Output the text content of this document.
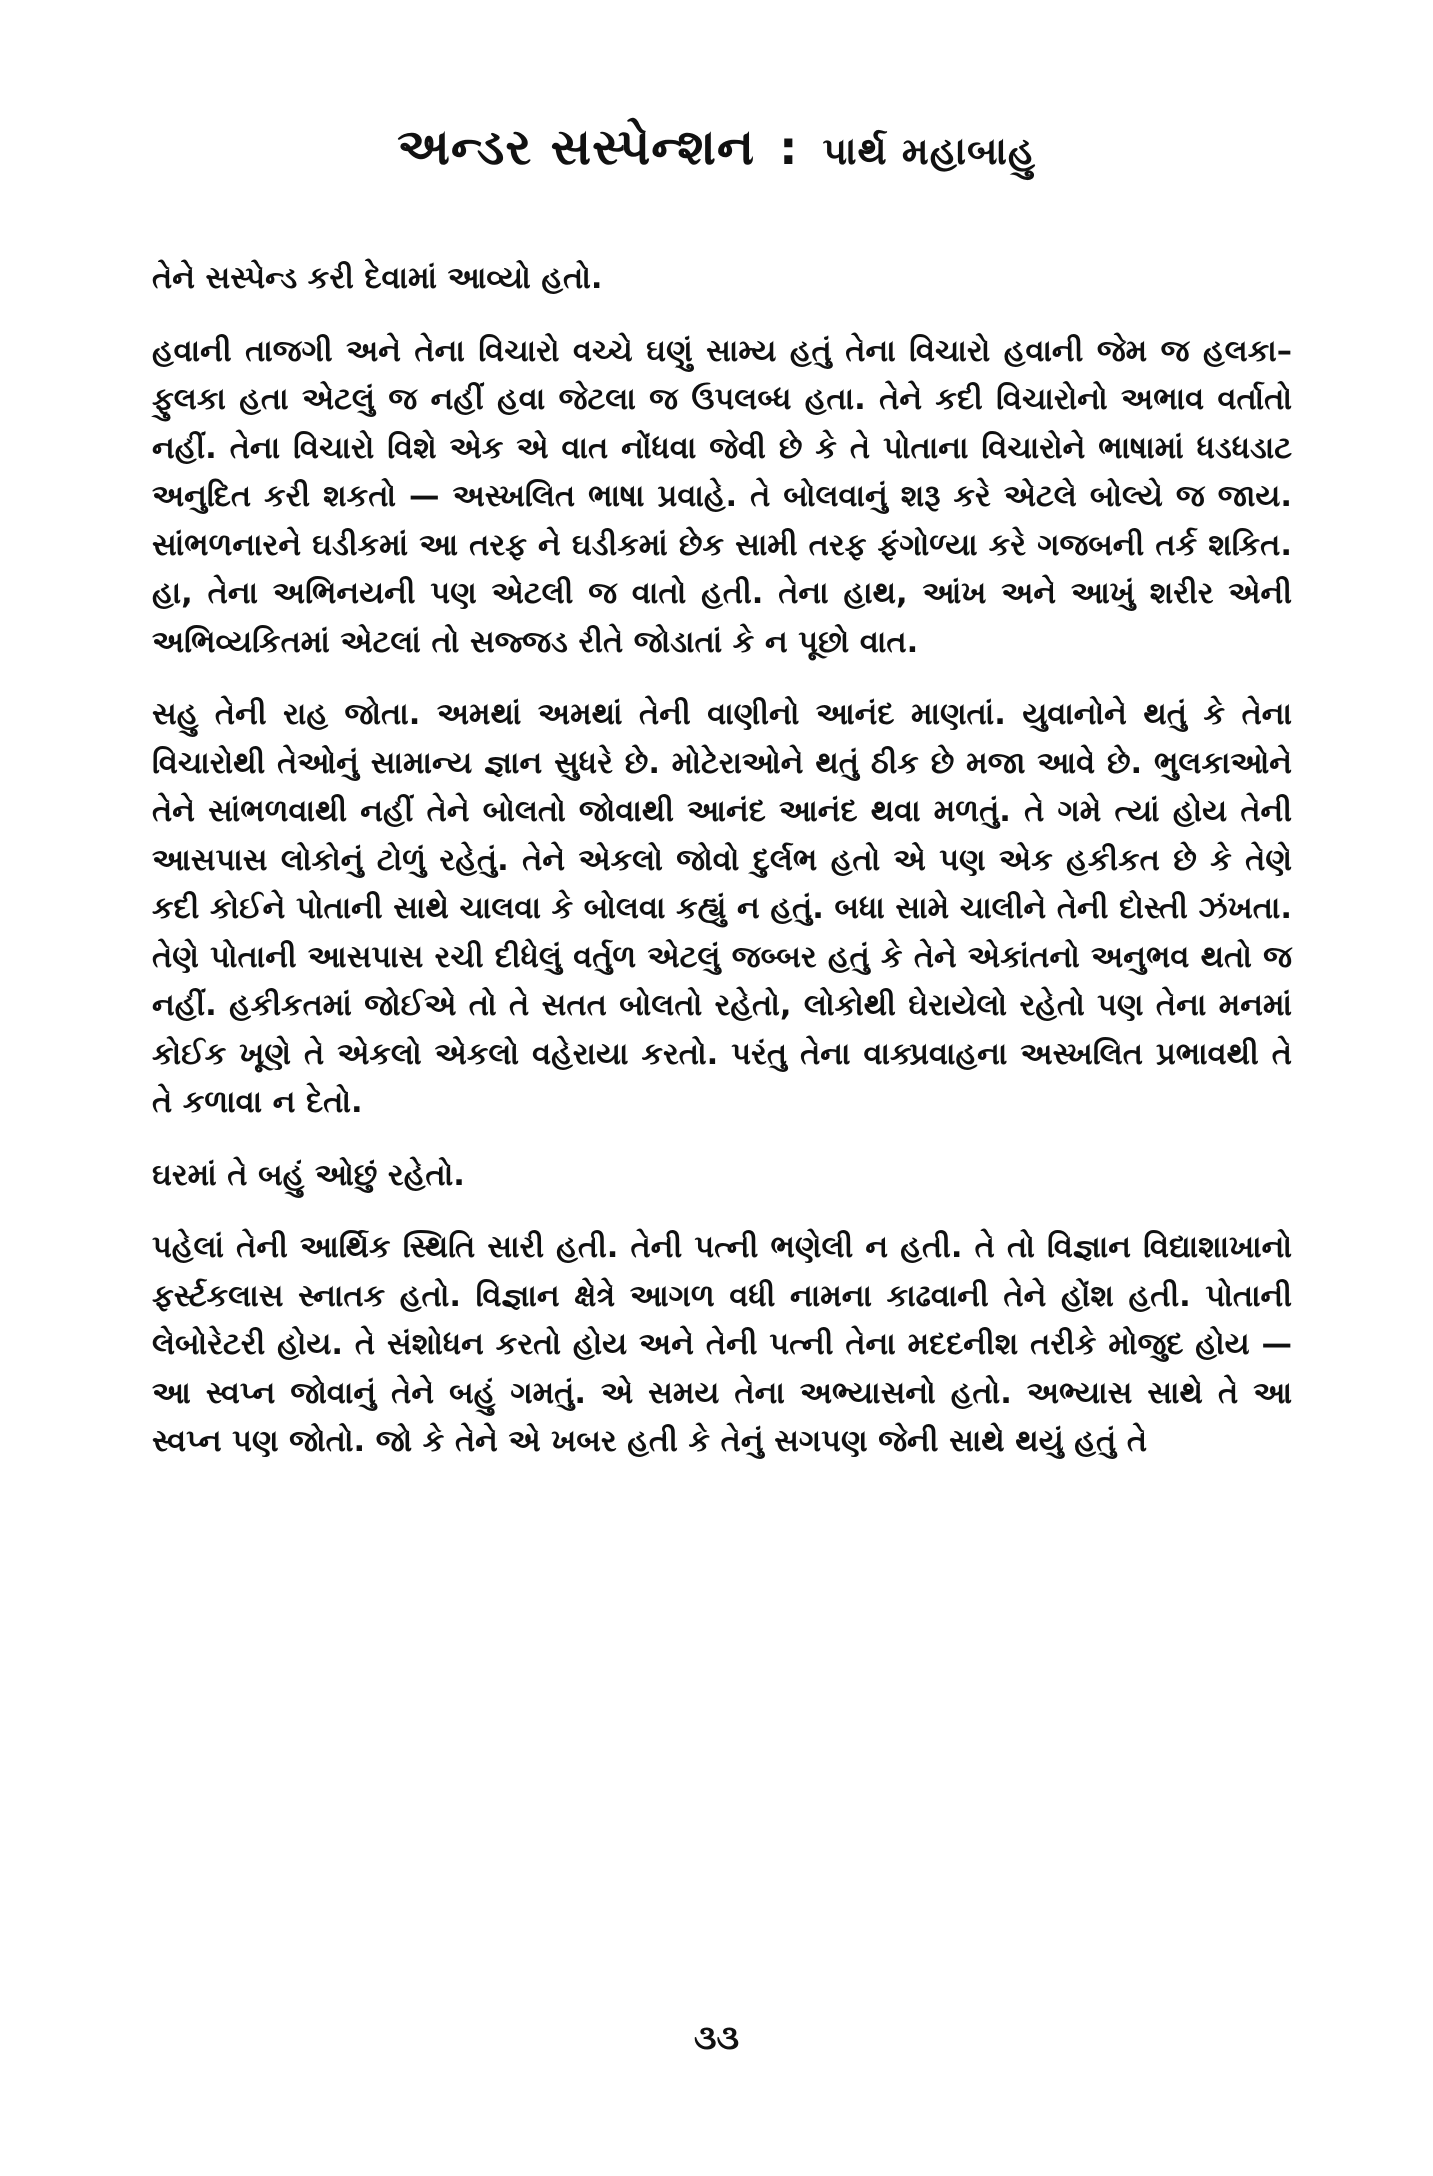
અન્ડર સસ્પેન્શન : પાર્થ મહાબાહુ

તેને સસ્પેન્ડ કરી દેવામાં આવ્યો હતો.

હવાની તાજગી અને તેના વિચારો વચ્ચે ઘણું સામ્ય હતું તેના વિચારો હવાની જેમ જ હલકા–ફુલકા હતા એટલું જ નહીં હવા જેટલા જ ઉપલબ્ધ હતા. તેને કદી વિચારોનો અભાવ વર્તાતો નહીં. તેના વિચારો વિશે એક એ વાત નોંધવા જેવી છે કે તે પોતાના વિચારોને ભાષામાં ધડધડાટ અનુદિત કરી શકતો — અસ્ખલિત ભાષા પ્રવાહે. તે બોલવાનું શરૂ કરે એટલે બોલ્યે જ જાય. સાંભળનારને ઘડીકમાં આ તરફ ને ઘડીકમાં છેક સામી તરફ ફંગોળ્યા કરે ગજબની તર્ક શકિત. હા, તેના અભિનયની પણ એટલી જ વાતો હતી. તેના હાથ, આંખ અને આખું શરીર એની અભિવ્યકિતમાં એટલાં તો સજ્જડ રીતે જોડાતાં કે ન પૂછો વાત.

સહુ તેની રાહ જોતા. અમથાં અમથાં તેની વાણીનો આનંદ માણતાં. યુવાનોને થતું કે તેના વિચારોથી તેઓનું સામાન્ય જ્ઞાન સુધરે છે. મોટેરાઓને થતું ઠીક છે મજા આવે છે. ભુલકાઓને તેને સાંભળવાથી નહીં તેને બોલતો જોવાથી આનંદ આનંદ થવા મળતું. તે ગમે ત્યાં હોય તેની આસપાસ લોકોનું ટોળું રહેતું. તેને એકલો જોવો દુર્લભ હતો એ પણ એક હકીકત છે કે તેણે કદી કોઈને પોતાની સાથે ચાલવા કે બોલવા કહ્યું ન હતું. બધા સામે ચાલીને તેની દોસ્તી ઝંખતા. તેણે પોતાની આસપાસ રચી દીધેલું વર્તુળ એટલું જબ્બર હતું કે તેને એકાંતનો અનુભવ થતો જ નહીં. હકીકતમાં જોઈએ તો તે સતત બોલતો રહેતો, લોકોથી ઘેરાયેલો રહેતો પણ તેના મનમાં કોઈક ખૂણે તે એકલો એકલો વહેરાયા કરતો. પરંતુ તેના વાક્પ્રવાહના અસ્ખલિત પ્રભાવથી તે તે કળાવા ન દેતો.

ઘરમાં તે બહું ઓછું રહેતો.

પહેલાં તેની આર્થિક સ્થિતિ સારી હતી. તેની પત્ની ભણેલી ન હતી. તે તો વિજ્ઞાન વિદ્યાશાખાનો ફર્સ્ટકલાસ સ્નાતક હતો. વિજ્ઞાન ક્ષેત્રે આગળ વધી નામના કાઢવાની તેને હોંશ હતી. પોતાની લેબોરેટરી હોય. તે સંશોધન કરતો હોય અને તેની પત્ની તેના મદદનીશ તરીકે મોજુદ હોય — આ સ્વપ્ન જોવાનું તેને બહું ગમતું. એ સમય તેના અભ્યાસનો હતો. અભ્યાસ સાથે તે આ સ્વપ્ન પણ જોતો. જો કે તેને એ ખબર હતી કે તેનું સગપણ જેની સાથે થયું હતું તે

૩૩
